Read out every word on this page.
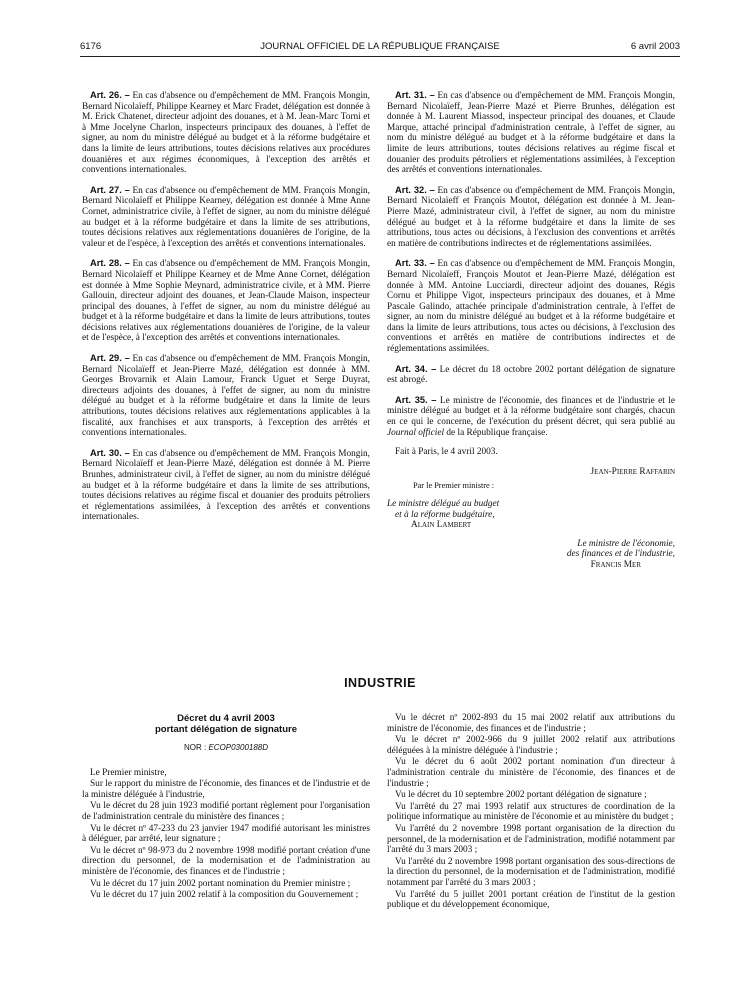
6176	JOURNAL OFFICIEL DE LA RÉPUBLIQUE FRANÇAISE	6 avril 2003

Art. 26. – En cas d'absence ou d'empêchement de MM. François Mongin, Bernard Nicolaïeff, Philippe Kearney et Marc Fradet, délégation est donnée à M. Erick Chatenet, directeur adjoint des douanes, et à M. Jean-Marc Torni et à Mme Jocelyne Charlon, inspecteurs principaux des douanes, à l'effet de signer, au nom du ministre délégué au budget et à la réforme budgétaire et dans la limite de leurs attributions, toutes décisions relatives aux procédures douanières et aux régimes économiques, à l'exception des arrêtés et conventions internationales.

Art. 27. – En cas d'absence ou d'empêchement de MM. François Mongin, Bernard Nicolaïeff et Philippe Kearney, délégation est donnée à Mme Anne Cornet, administratrice civile, à l'effet de signer, au nom du ministre délégué au budget et à la réforme budgétaire et dans la limite de ses attributions, toutes décisions relatives aux réglementations douanières de l'origine, de la valeur et de l'espèce, à l'exception des arrêtés et conventions internationales.

Art. 28. – En cas d'absence ou d'empêchement de MM. François Mongin, Bernard Nicolaïeff et Philippe Kearney et de Mme Anne Cornet, délégation est donnée à Mme Sophie Meynard, administratrice civile, et à MM. Pierre Gallouin, directeur adjoint des douanes, et Jean-Claude Maison, inspecteur principal des douanes, à l'effet de signer, au nom du ministre délégué au budget et à la réforme budgétaire et dans la limite de leurs attributions, toutes décisions relatives aux réglementations douanières de l'origine, de la valeur et de l'espèce, à l'exception des arrêtés et conventions internationales.

Art. 29. – En cas d'absence ou d'empêchement de MM. François Mongin, Bernard Nicolaïeff et Jean-Pierre Mazé, délégation est donnée à MM. Georges Brovarnik et Alain Lamour, Franck Uguet et Serge Duyrat, directeurs adjoints des douanes, à l'effet de signer, au nom du ministre délégué au budget et à la réforme budgétaire et dans la limite de leurs attributions, toutes décisions relatives aux réglementations applicables à la fiscalité, aux franchises et aux transports, à l'exception des arrêtés et conventions internationales.

Art. 30. – En cas d'absence ou d'empêchement de MM. François Mongin, Bernard Nicolaïeff et Jean-Pierre Mazé, délégation est donnée à M. Pierre Brunhes, administrateur civil, à l'effet de signer, au nom du ministre délégué au budget et à la réforme budgétaire et dans la limite de ses attributions, toutes décisions relatives au régime fiscal et douanier des produits pétroliers et réglementations assimilées, à l'exception des arrêtés et conventions internationales.

Art. 31. – En cas d'absence ou d'empêchement de MM. François Mongin, Bernard Nicolaïeff, Jean-Pierre Mazé et Pierre Brunhes, délégation est donnée à M. Laurent Miassod, inspecteur principal des douanes, et Claude Marque, attaché principal d'administration centrale, à l'effet de signer, au nom du ministre délégué au budget et à la réforme budgétaire et dans la limite de leurs attributions, toutes décisions relatives au régime fiscal et douanier des produits pétroliers et réglementations assimilées, à l'exception des arrêtés et conventions internationales.

Art. 32. – En cas d'absence ou d'empêchement de MM. François Mongin, Bernard Nicolaïeff et François Moutot, délégation est donnée à M. Jean-Pierre Mazé, administrateur civil, à l'effet de signer, au nom du ministre délégué au budget et à la réforme budgétaire et dans la limite de ses attributions, tous actes ou décisions, à l'exclusion des conventions et arrêtés en matière de contributions indirectes et de réglementations assimilées.

Art. 33. – En cas d'absence ou d'empêchement de MM. François Mongin, Bernard Nicolaïeff, François Moutot et Jean-Pierre Mazé, délégation est donnée à MM. Antoine Lucciardi, directeur adjoint des douanes, Régis Cornu et Philippe Vigot, inspecteurs principaux des douanes, et à Mme Pascale Galindo, attachée principale d'administration centrale, à l'effet de signer, au nom du ministre délégué au budget et à la réforme budgétaire et dans la limite de leurs attributions, tous actes ou décisions, à l'exclusion des conventions et arrêtés en matière de contributions indirectes et de réglementations assimilées.

Art. 34. – Le décret du 18 octobre 2002 portant délégation de signature est abrogé.

Art. 35. – Le ministre de l'économie, des finances et de l'industrie et le ministre délégué au budget et à la réforme budgétaire sont chargés, chacun en ce qui le concerne, de l'exécution du présent décret, qui sera publié au Journal officiel de la République française.

Fait à Paris, le 4 avril 2003.

Jean-Pierre Raffarin

Par le Premier ministre :

Le ministre délégué au budget

et à la réforme budgétaire,

Alain Lambert

Le ministre de l'économie,

des finances et de l'industrie,

Francis Mer

INDUSTRIE
Décret du 4 avril 2003
portant délégation de signature
NOR : ECOP0300188D

Le Premier ministre,

Sur le rapport du ministre de l'économie, des finances et de l'industrie et de la ministre déléguée à l'industrie,

Vu le décret du 28 juin 1923 modifié portant règlement pour l'organisation de l'administration centrale du ministère des finances ;

Vu le décret nº 47-233 du 23 janvier 1947 modifié autorisant les ministres à déléguer, par arrêté, leur signature ;

Vu le décret nº 98-973 du 2 novembre 1998 modifié portant création d'une direction du personnel, de la modernisation et de l'administration au ministère de l'économie, des finances et de l'industrie ;

Vu le décret du 17 juin 2002 portant nomination du Premier ministre ;

Vu le décret du 17 juin 2002 relatif à la composition du Gouvernement ;

Vu le décret nº 2002-893 du 15 mai 2002 relatif aux attributions du ministre de l'économie, des finances et de l'industrie ;

Vu le décret nº 2002-966 du 9 juillet 2002 relatif aux attributions déléguées à la ministre déléguée à l'industrie ;

Vu le décret du 6 août 2002 portant nomination d'un directeur à l'administration centrale du ministère de l'économie, des finances et de l'industrie ;

Vu le décret du 10 septembre 2002 portant délégation de signature ;

Vu l'arrêté du 27 mai 1993 relatif aux structures de coordination de la politique informatique au ministère de l'économie et au ministère du budget ;

Vu l'arrêté du 2 novembre 1998 portant organisation de la direction du personnel, de la modernisation et de l'administration, modifié notamment par l'arrêté du 3 mars 2003 ;

Vu l'arrêté du 2 novembre 1998 portant organisation des sous-directions de la direction du personnel, de la modernisation et de l'administration, modifié notamment par l'arrêté du 3 mars 2003 ;

Vu l'arrêté du 5 juillet 2001 portant création de l'institut de la gestion publique et du développement économique,
